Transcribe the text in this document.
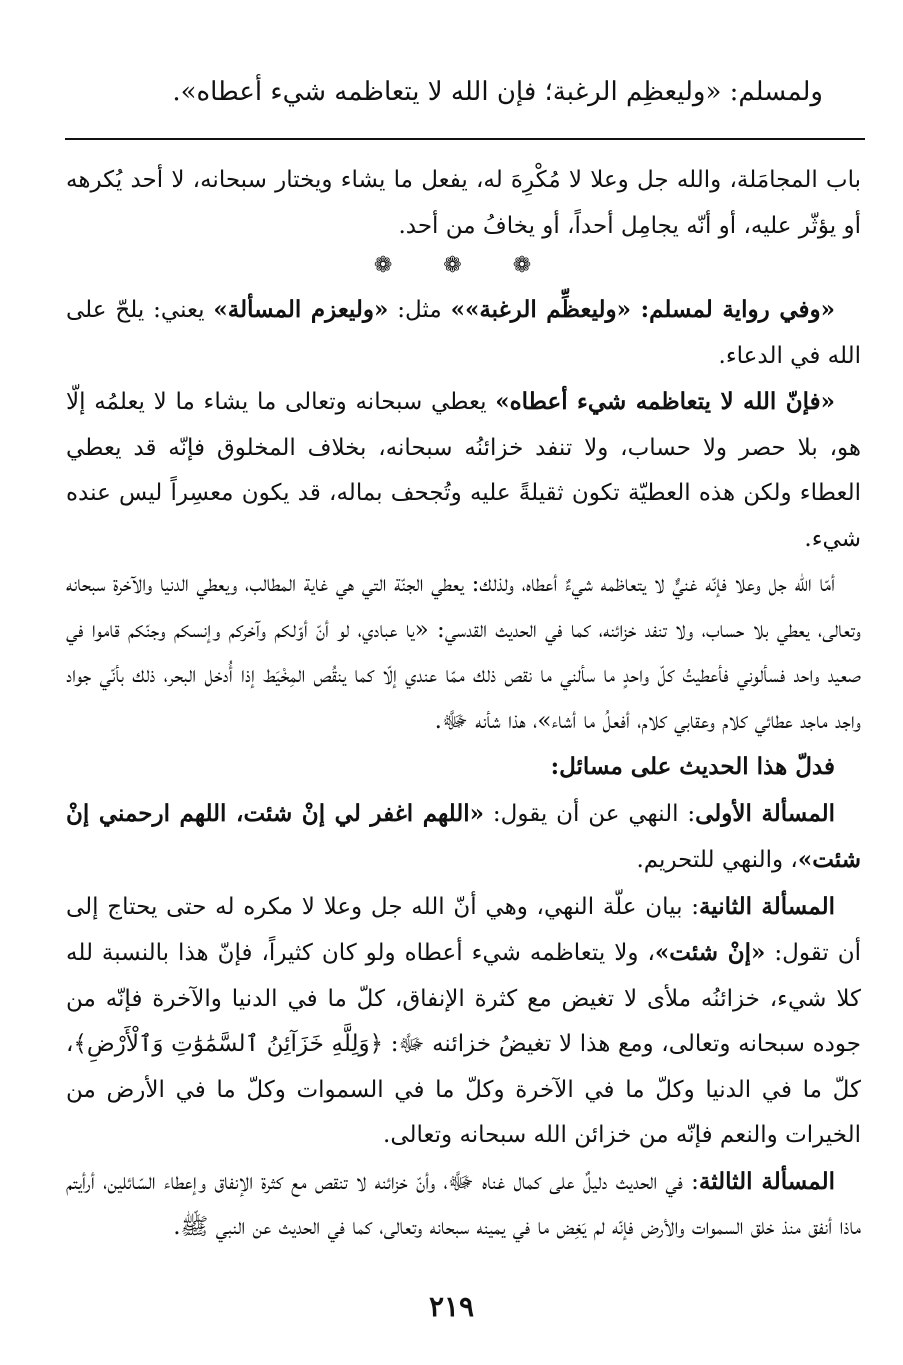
ولمسلم: «وليعظِم الرغبة؛ فإن الله لا يتعاظمه شيء أعطاه».

باب المجامَلة، والله جل وعلا لا مُكْرِهَ له، يفعل ما يشاء ويختار سبحانه، لا أحد يُكرهه أو يؤثّر عليه، أو أنّه يجامِل أحداً، أو يخافُ من أحد.

❁ ❁ ❁

«وفي رواية لمسلم: «وليعظِّم الرغبة»» مثل: «وليعزم المسألة» يعني: يلحّ على الله في الدعاء.

«فإنّ الله لا يتعاظمه شيء أعطاه» يعطي سبحانه وتعالى ما يشاء ما لا يعلمُه إلّا هو، بلا حصر ولا حساب، ولا تنفد خزائنُه سبحانه، بخلاف المخلوق فإنّه قد يعطي العطاء ولكن هذه العطيّة تكون ثقيلةً عليه وتُجحف بماله، قد يكون معسِراً ليس عنده شيء.

أمّا الله جل وعلا فإنّه غنيٌّ لا يتعاظمه شيءٌ أعطاه، ولذلك: يعطي الجنّة التي هي غاية المطالب، ويعطي الدنيا والآخرة سبحانه وتعالى، يعطي بلا حساب، ولا تنفد خزائنه، كما في الحديث القدسي: «يا عبادي، لو أنّ أوّلكم وآخركم وإنسكم وجنّكم قاموا في صعيد واحد فسألوني فأعطيتُ كلّ واحدٍ ما سألني ما نقص ذلك ممّا عندي إلّا كما ينقُص المِخْيَط إذا أُدخل البحر، ذلك بأنّي جواد واجد ماجد عطائي كلام وعقابي كلام، أفعلُ ما أشاء»، هذا شأنه ﷻ.

فدلّ هذا الحديث على مسائل:

المسألة الأولى: النهي عن أن يقول: «اللهم اغفر لي إنْ شئت، اللهم ارحمني إنْ شئت»، والنهي للتحريم.

المسألة الثانية: بيان علّة النهي، وهي أنّ الله جل وعلا لا مكره له حتى يحتاج إلى أن تقول: «إنْ شئت»، ولا يتعاظمه شيء أعطاه ولو كان كثيراً، فإنّ هذا بالنسبة لله كلا شيء، خزائنُه ملأى لا تغيض مع كثرة الإنفاق، كلّ ما في الدنيا والآخرة فإنّه من جوده سبحانه وتعالى، ومع هذا لا تغيضُ خزائنه ﷻ: ﴿وَلِلَّهِ خَزَآئِنُ ٱلسَّمَٰوَٰتِ وَٱلْأَرْضِ﴾، كلّ ما في الدنيا وكلّ ما في الآخرة وكلّ ما في السموات وكلّ ما في الأرض من الخيرات والنعم فإنّه من خزائن الله سبحانه وتعالى.

المسألة الثالثة: في الحديث دليلٌ على كمال غناه ﷻ، وأنّ خزائنه لا تنقص مع كثرة الإنفاق وإعطاء السّائلين، أرأيتم ماذا أنفق منذ خلق السموات والأرض فإنّه لم يَغِض ما في يمينه سبحانه وتعالى، كما في الحديث عن النبي ﷺ.

٢١٩
